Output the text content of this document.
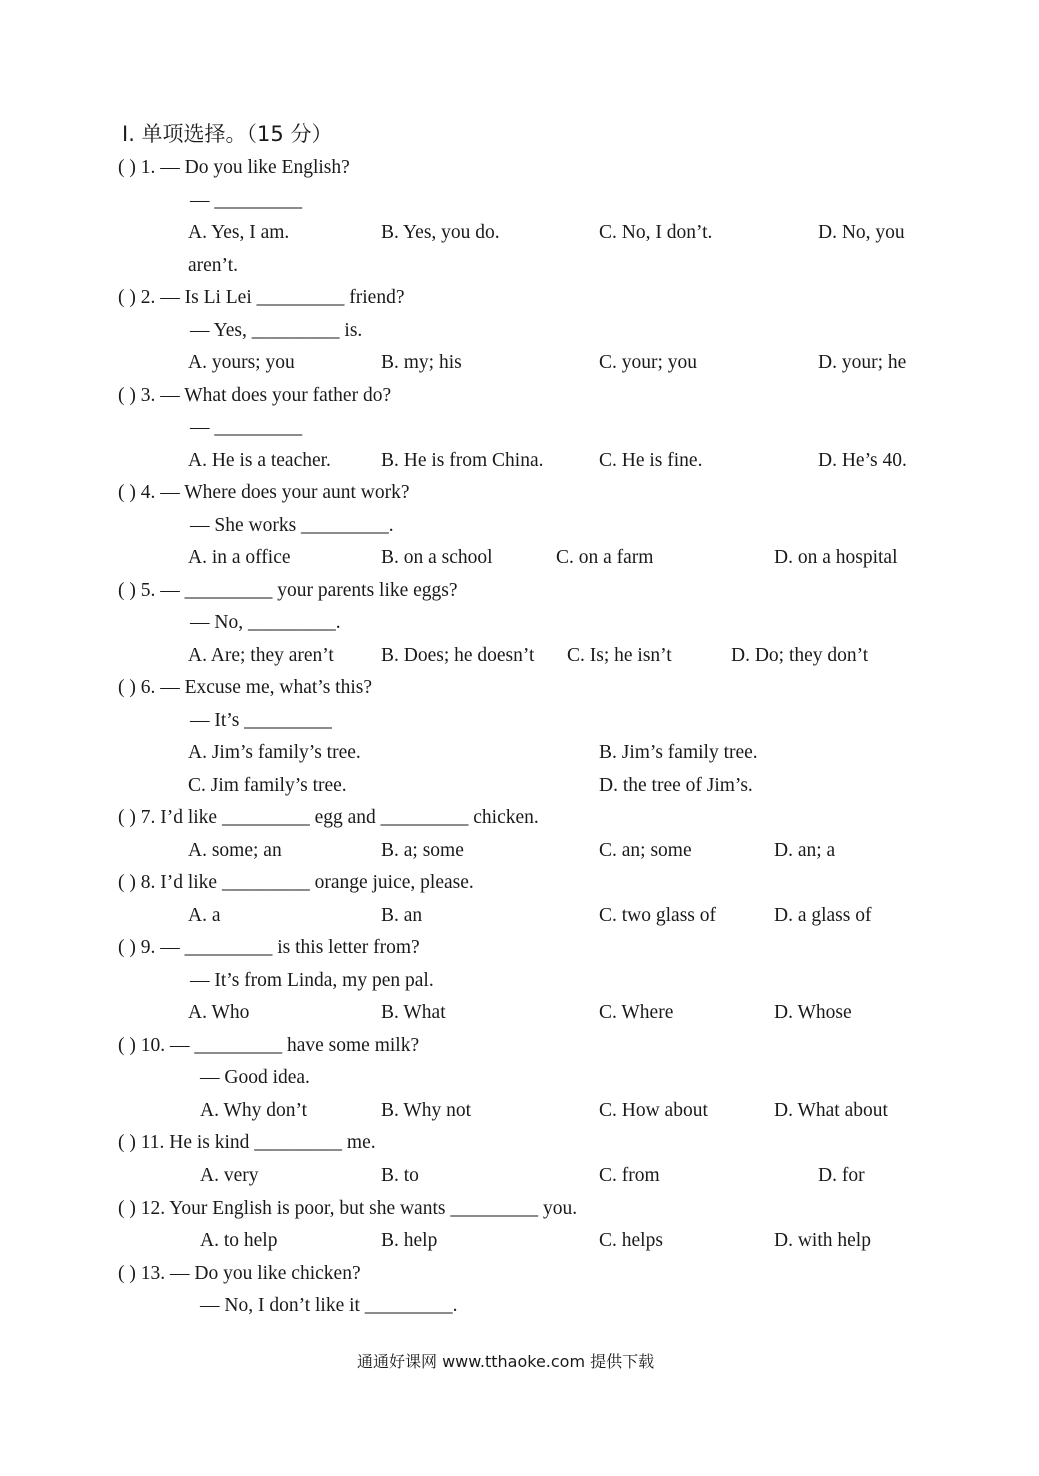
Ⅰ. 单项选择。（15 分）
( ) 1. — Do you like English?
— _________
A. Yes, I am.	B. Yes, you do.	C. No, I don’t.	D. No, you
aren’t.
( ) 2. — Is Li Lei _________ friend?
— Yes, _________ is.
A. yours; you	B. my; his	C. your; you	D. your; he
( ) 3. — What does your father do?
— _________
A. He is a teacher.	B. He is from China.	C. He is fine.	D. He’s 40.
( ) 4. — Where does your aunt work?
— She works _________.
A. in a office	B. on a school	C. on a farm	D. on a hospital
( ) 5. — _________ your parents like eggs?
— No, _________.
A. Are; they aren’t B. Does; he doesn’t C. Is; he isn’t	D. Do; they don’t
( ) 6. — Excuse me, what’s this?
— It’s _________
A. Jim’s family’s tree.	B. Jim’s family tree.
C. Jim family’s tree.	D. the tree of Jim’s.
( ) 7. I’d like _________ egg and _________ chicken.
A. some; an	B. a; some	C. an; some	D. an; a
( ) 8. I’d like _________ orange juice, please.
A. a	B. an	C. two glass of	D. a glass of
( ) 9. — _________ is this letter from?
— It’s from Linda, my pen pal.
A. Who	B. What	C. Where	D. Whose
( ) 10. — _________ have some milk?
— Good idea.
A. Why don’t	B. Why not	C. How about	D. What about
( ) 11. He is kind _________ me.
A. very	B. to	C. from	D. for
( ) 12. Your English is poor, but she wants _________ you.
A. to help	B. help	C. helps	D. with help
( ) 13. — Do you like chicken?
— No, I don’t like it _________.
通通好课网 www.tthaoke.com 提供下载
